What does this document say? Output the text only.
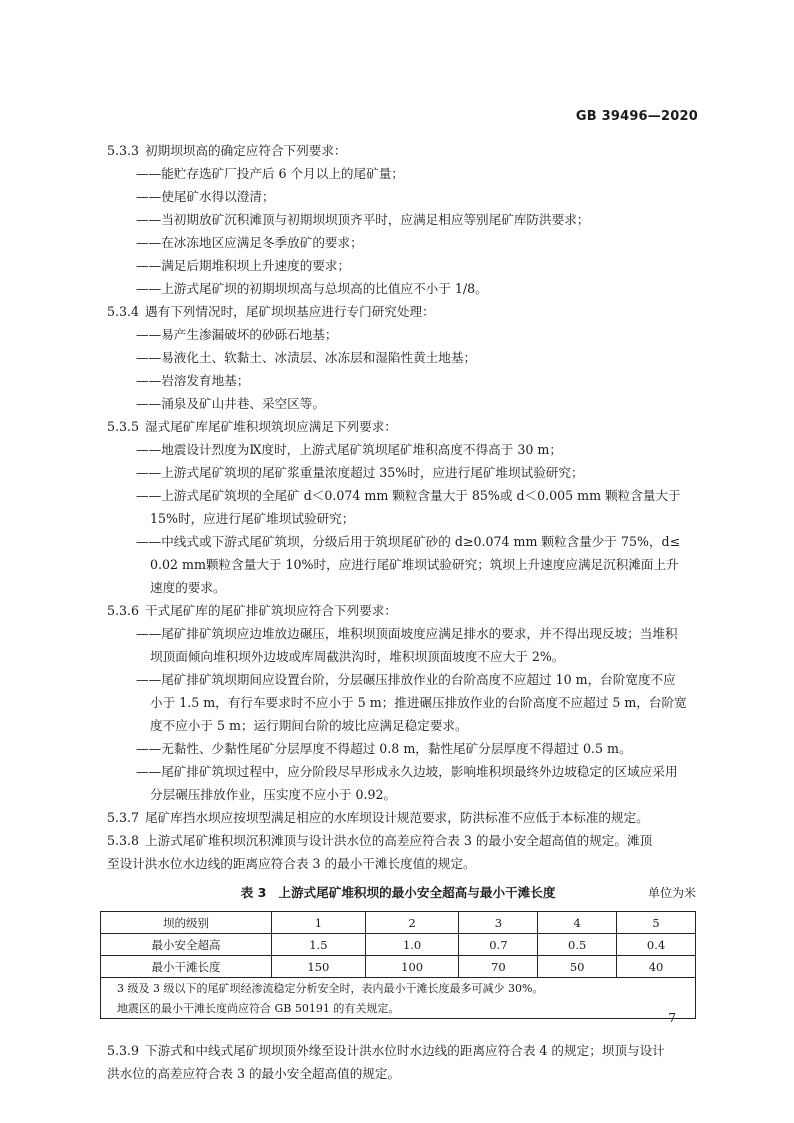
GB 39496—2020
5.3.3 初期坝坝高的确定应符合下列要求：
——能贮存选矿厂投产后 6 个月以上的尾矿量；
——使尾矿水得以澄清；
——当初期放矿沉积滩顶与初期坝坝顶齐平时，应满足相应等别尾矿库防洪要求；
——在冰冻地区应满足冬季放矿的要求；
——满足后期堆积坝上升速度的要求；
——上游式尾矿坝的初期坝坝高与总坝高的比值应不小于 1/8。
5.3.4 遇有下列情况时，尾矿坝坝基应进行专门研究处理：
——易产生渗漏破坏的砂砾石地基；
——易液化土、软黏土、冰渍层、冰冻层和湿陷性黄土地基；
——岩溶发育地基；
——涌泉及矿山井巷、采空区等。
5.3.5 湿式尾矿库尾矿堆积坝筑坝应满足下列要求：
——地震设计烈度为Ⅸ度时，上游式尾矿筑坝尾矿堆积高度不得高于 30 m；
——上游式尾矿筑坝的尾矿浆重量浓度超过 35%时，应进行尾矿堆坝试验研究；
——上游式尾矿筑坝的全尾矿 d＜0.074 mm 颗粒含量大于 85%或 d＜0.005 mm 颗粒含量大于
15%时，应进行尾矿堆坝试验研究；
——中线式或下游式尾矿筑坝，分级后用于筑坝尾矿砂的 d≥0.074 mm 颗粒含量少于 75%，d≤
0.02 mm颗粒含量大于 10%时，应进行尾矿堆坝试验研究；筑坝上升速度应满足沉积滩面上升
速度的要求。
5.3.6 干式尾矿库的尾矿排矿筑坝应符合下列要求：
——尾矿排矿筑坝应边堆放边碾压，堆积坝顶面坡度应满足排水的要求，并不得出现反坡；当堆积
坝顶面倾向堆积坝外边坡或库周截洪沟时，堆积坝顶面坡度不应大于 2%。
——尾矿排矿筑坝期间应设置台阶，分层碾压排放作业的台阶高度不应超过 10 m，台阶宽度不应
小于 1.5 m，有行车要求时不应小于 5 m；推进碾压排放作业的台阶高度不应超过 5 m，台阶宽
度不应小于 5 m；运行期间台阶的坡比应满足稳定要求。
——无黏性、少黏性尾矿分层厚度不得超过 0.8 m，黏性尾矿分层厚度不得超过 0.5 m。
——尾矿排矿筑坝过程中，应分阶段尽早形成永久边坡，影响堆积坝最终外边坡稳定的区域应采用
分层碾压排放作业，压实度不应小于 0.92。
5.3.7 尾矿库挡水坝应按坝型满足相应的水库坝设计规范要求，防洪标准不应低于本标准的规定。
5.3.8 上游式尾矿堆积坝沉积滩顶与设计洪水位的高差应符合表 3 的最小安全超高值的规定。滩顶
至设计洪水位水边线的距离应符合表 3 的最小干滩长度值的规定。
表 3 上游式尾矿堆积坝的最小安全超高与最小干滩长度	单位为米
坝的级别	1	2	3	4	5
最小安全超高	1.5	1.0	0.7	0.5	0.4
最小干滩长度	150	100	70	50	40
3 级及 3 级以下的尾矿坝经渗流稳定分析安全时，表内最小干滩长度最多可减少 30%。					
地震区的最小干滩长度尚应符合 GB 50191 的有关规定。					
5.3.9 下游式和中线式尾矿坝坝顶外缘至设计洪水位时水边线的距离应符合表 4 的规定；坝顶与设计
洪水位的高差应符合表 3 的最小安全超高值的规定。
7
